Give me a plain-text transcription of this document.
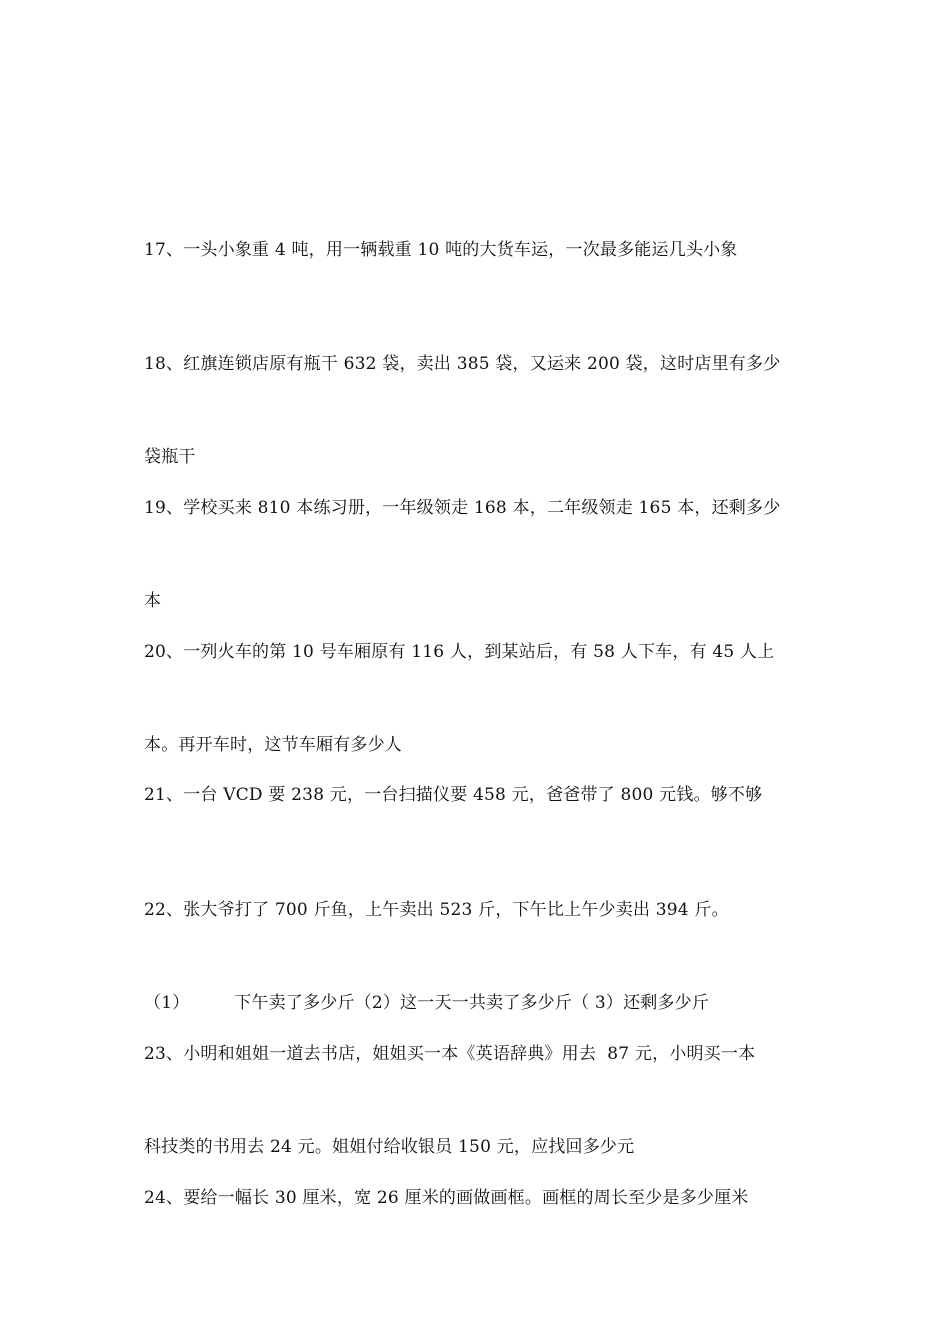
17、一头小象重 4 吨，用一辆载重 10 吨的大货车运，一次最多能运几头小象

18、红旗连锁店原有瓶干 632 袋，卖出 385 袋，又运来 200 袋，这时店里有多少

袋瓶干

19、学校买来 810 本练习册，一年级领走 168 本，二年级领走 165 本，还剩多少

本

20、一列火车的第 10 号车厢原有 116 人，到某站后，有 58 人下车，有 45 人上

本。再开车时，这节车厢有多少人

21、一台 VCD 要 238 元，一台扫描仪要 458 元，爸爸带了 800 元钱。够不够

22、张大爷打了 700 斤鱼，上午卖出 523 斤，下午比上午少卖出 394 斤。

（1）        下午卖了多少斤（2）这一天一共卖了多少斤（ 3）还剩多少斤

23、小明和姐姐一道去书店，姐姐买一本《英语辞典》用去  87 元，小明买一本

科技类的书用去 24 元。姐姐付给收银员 150 元，应找回多少元

24、要给一幅长 30 厘米，宽 26 厘米的画做画框。画框的周长至少是多少厘米
